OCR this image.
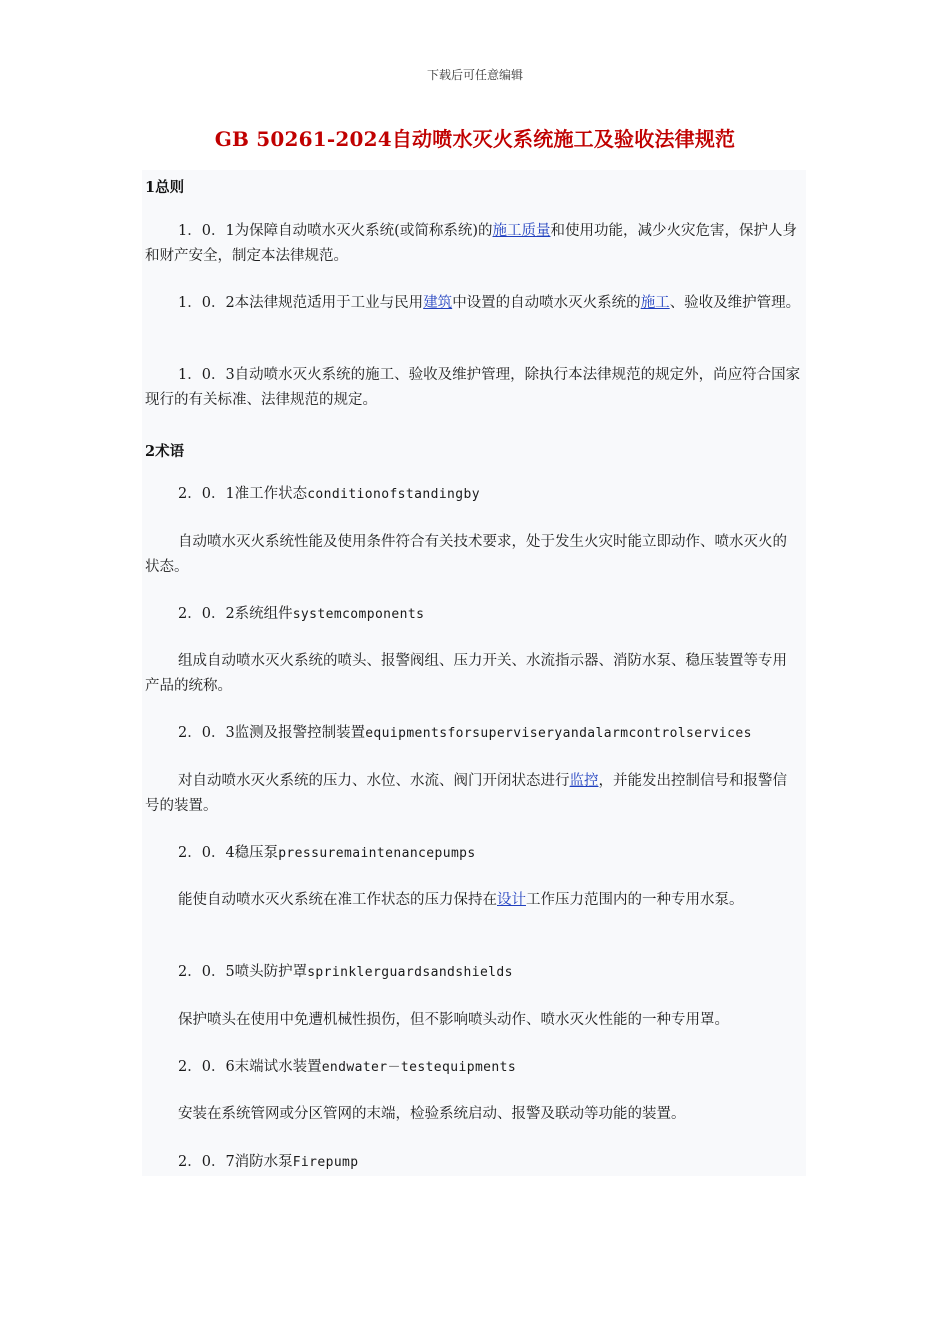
下载后可任意编辑
GB 50261-2024自动喷水灭火系统施工及验收法律规范
1总则

1．0．1为保障自动喷水灭火系统(或简称系统)的施工质量和使用功能，减少火灾危害，保护人身和财产安全，制定本法律规范。

1．0．2本法律规范适用于工业与民用建筑中设置的自动喷水灭火系统的施工、验收及维护管理。

1．0．3自动喷水灭火系统的施工、验收及维护管理，除执行本法律规范的规定外，尚应符合国家现行的有关标准、法律规范的规定。

2术语

2．0．1准工作状态conditionofstandingby

自动喷水灭火系统性能及使用条件符合有关技术要求，处于发生火灾时能立即动作、喷水灭火的状态。

2．0．2系统组件systemcomponents

组成自动喷水灭火系统的喷头、报警阀组、压力开关、水流指示器、消防水泵、稳压装置等专用产品的统称。

2．0．3监测及报警控制装置equipmentsforsuperviseryandalarmcontrolservices

对自动喷水灭火系统的压力、水位、水流、阀门开闭状态进行监控，并能发出控制信号和报警信号的装置。

2．0．4稳压泵pressuremaintenancepumps

能使自动喷水灭火系统在准工作状态的压力保持在设计工作压力范围内的一种专用水泵。

2．0．5喷头防护罩sprinklerguardsandshields

保护喷头在使用中免遭机械性损伤，但不影响喷头动作、喷水灭火性能的一种专用罩。

2．0．6末端试水装置endwater－testequipments

安装在系统管网或分区管网的末端，检验系统启动、报警及联动等功能的装置。

2．0．7消防水泵Firepump
